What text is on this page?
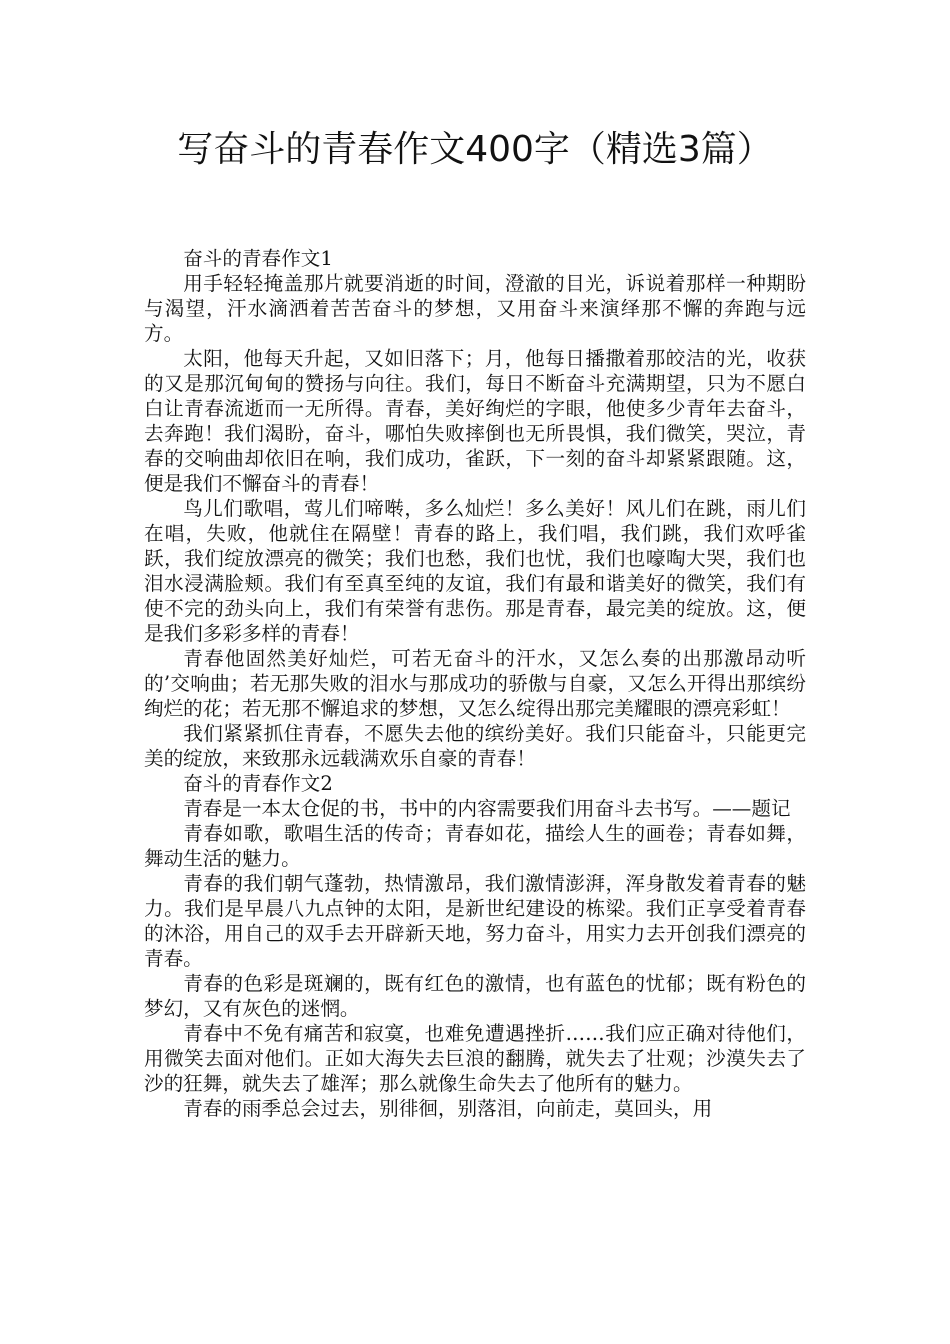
写奋斗的青春作文400字（精选3篇）

奋斗的青春作文1

用手轻轻掩盖那片就要消逝的时间，澄澈的目光，诉说着那样一种期盼与渴望，汗水滴洒着苦苦奋斗的梦想，又用奋斗来演绎那不懈的奔跑与远方。

太阳，他每天升起，又如旧落下；月，他每日播撒着那皎洁的光，收获的又是那沉甸甸的赞扬与向往。我们，每日不断奋斗充满期望，只为不愿白白让青春流逝而一无所得。青春，美好绚烂的字眼，他使多少青年去奋斗，去奔跑！我们渴盼，奋斗，哪怕失败摔倒也无所畏惧，我们微笑，哭泣，青春的交响曲却依旧在响，我们成功，雀跃，下一刻的奋斗却紧紧跟随。这，便是我们不懈奋斗的青春！

鸟儿们歌唱，莺儿们啼啭，多么灿烂！多么美好！风儿们在跳，雨儿们在唱，失败，他就住在隔壁！青春的路上，我们唱，我们跳，我们欢呼雀跃，我们绽放漂亮的微笑；我们也愁，我们也忧，我们也嚎啕大哭，我们也泪水浸满脸颊。我们有至真至纯的友谊，我们有最和谐美好的微笑，我们有使不完的劲头向上，我们有荣誉有悲伤。那是青春，最完美的绽放。这，便是我们多彩多样的青春！

青春他固然美好灿烂，可若无奋斗的汗水，又怎么奏的出那激昂动听的’交响曲；若无那失败的泪水与那成功的骄傲与自豪，又怎么开得出那缤纷绚烂的花；若无那不懈追求的梦想，又怎么绽得出那完美耀眼的漂亮彩虹！

我们紧紧抓住青春，不愿失去他的缤纷美好。我们只能奋斗，只能更完美的绽放，来致那永远载满欢乐自豪的青春！

奋斗的青春作文2

青春是一本太仓促的书，书中的内容需要我们用奋斗去书写。——题记

青春如歌，歌唱生活的传奇；青春如花，描绘人生的画卷；青春如舞，舞动生活的魅力。

青春的我们朝气蓬勃，热情激昂，我们激情澎湃，浑身散发着青春的魅力。我们是早晨八九点钟的太阳，是新世纪建设的栋梁。我们正享受着青春的沐浴，用自己的双手去开辟新天地，努力奋斗，用实力去开创我们漂亮的青春。

青春的色彩是斑斓的，既有红色的激情，也有蓝色的忧郁；既有粉色的梦幻，又有灰色的迷惘。

青春中不免有痛苦和寂寞，也难免遭遇挫折……我们应正确对待他们，用微笑去面对他们。正如大海失去巨浪的翻腾，就失去了壮观；沙漠失去了沙的狂舞，就失去了雄浑；那么就像生命失去了他所有的魅力。

青春的雨季总会过去，别徘徊，别落泪，向前走，莫回头，用
